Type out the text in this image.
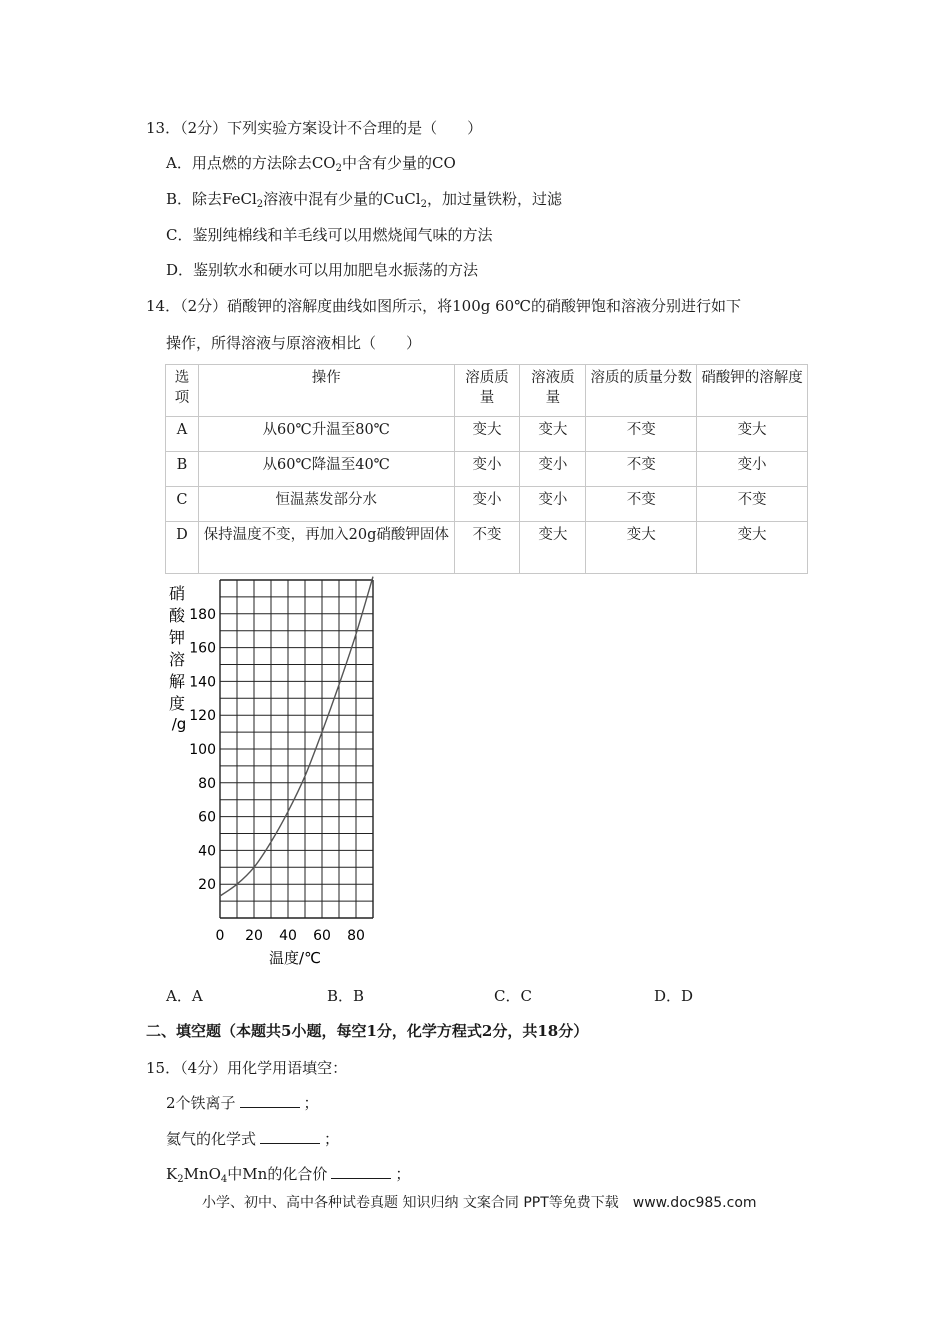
13．（2分）下列实验方案设计不合理的是（　　）
A．用点燃的方法除去$CO_2$中含有少量的CO
B．除去FeCl$_2$溶液中混有少量的CuCl$_2$，加过量铁粉，过滤
C．鉴别纯棉线和羊毛线可以用燃烧闻气味的方法
D．鉴别软水和硬水可以用加肥皂水振荡的方法
14．（2分）硝酸钾的溶解度曲线如图所示，将100g 60℃的硝酸钾饱和溶液分别进行如下
操作，所得溶液与原溶液相比（　　）
选项	操作	溶质质量	溶液质量	溶质的质量分数	硝酸钾的溶解度
A	从60℃升温至80℃	变大	变大	不变	变大
B	从60℃降温至40℃	变小	变小	不变	变小
C	恒温蒸发部分水	变小	变小	不变	不变
D	保持温度不变，再加入20g硝酸钾固体	不变	变大	变大	变大
硝
酸
钾
溶
解
度
/g
20
40
60
80
100
120
140
160
180
0 20 40 60 80
温度/℃
A．A	B．B	C．C	D．D
二、填空题（本题共5小题，每空1分，化学方程式2分，共18分）
15．（4分）用化学用语填空：
2个铁离子	；
氦气的化学式	；
$K_2MnO_4$中Mn的化合价	；
小学、初中、高中各种试卷真题 知识归纳 文案合同 PPT等免费下载　www.doc985.com
